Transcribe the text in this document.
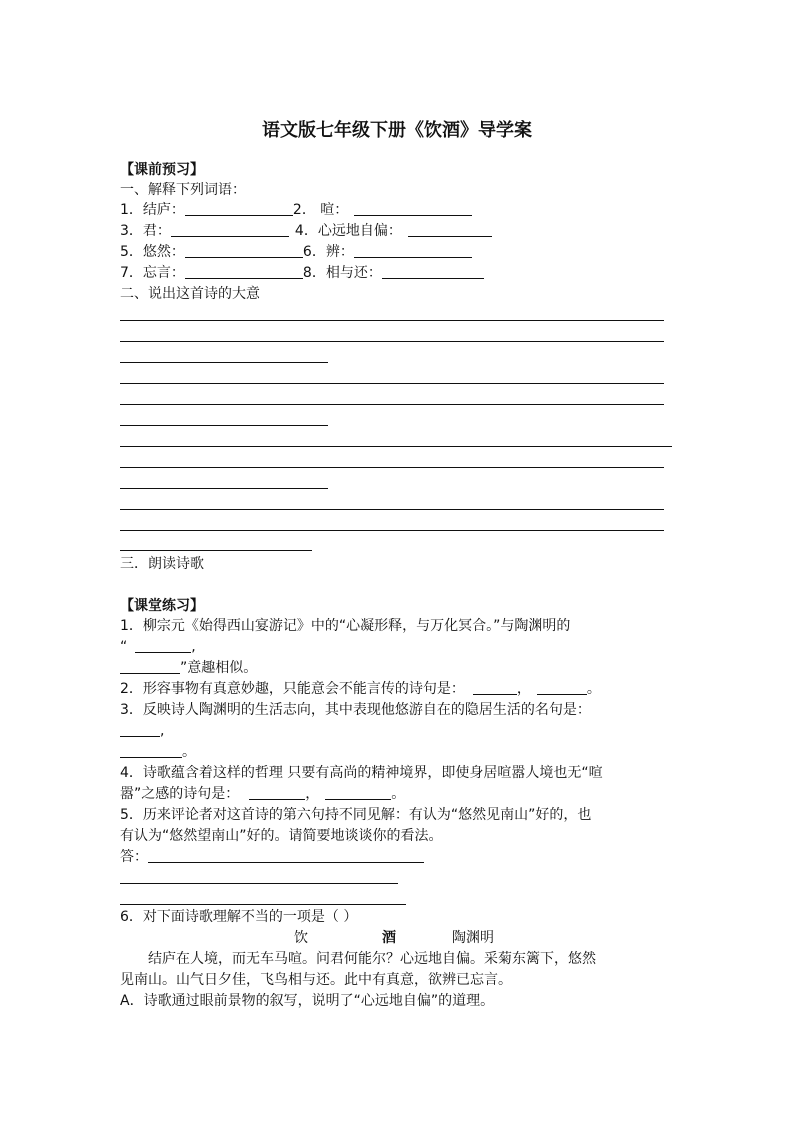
语文版七年级下册《饮酒》导学案
【课前预习】
一、解释下列词语：
1．结庐：	2． 喧：
3．君：	4．心远地自偏：
5．悠然：	6．辨：
7．忘言：	8．相与还：
二、说出这首诗的大意
三．朗读诗歌
【课堂练习】
1．柳宗元《始得西山宴游记》中的“心凝形释，与万化冥合。”与陶渊明的
“	,
”意趣相似。
2．形容事物有真意妙趣，只能意会不能言传的诗句是：	，	。
3．反映诗人陶渊明的生活志向，其中表现他悠游自在的隐居生活的名句是：
,
。
4．诗歌蕴含着这样的哲理 只要有高尚的精神境界，即使身居喧嚣人境也无“喧
嚣”之感的诗句是：	，	。
5．历来评论者对这首诗的第六句持不同见解：有认为“悠然见南山”好的，也
有认为“悠然望南山”好的。请简要地谈谈你的看法。
答：
6．对下面诗歌理解不当的一项是（ ）
饮	酒	陶渊明
结庐在人境，而无车马喧。问君何能尔？心远地自偏。采菊东篱下，悠然
见南山。山气日夕佳，飞鸟相与还。此中有真意，欲辨已忘言。
A．诗歌通过眼前景物的叙写，说明了“心远地自偏”的道理。
